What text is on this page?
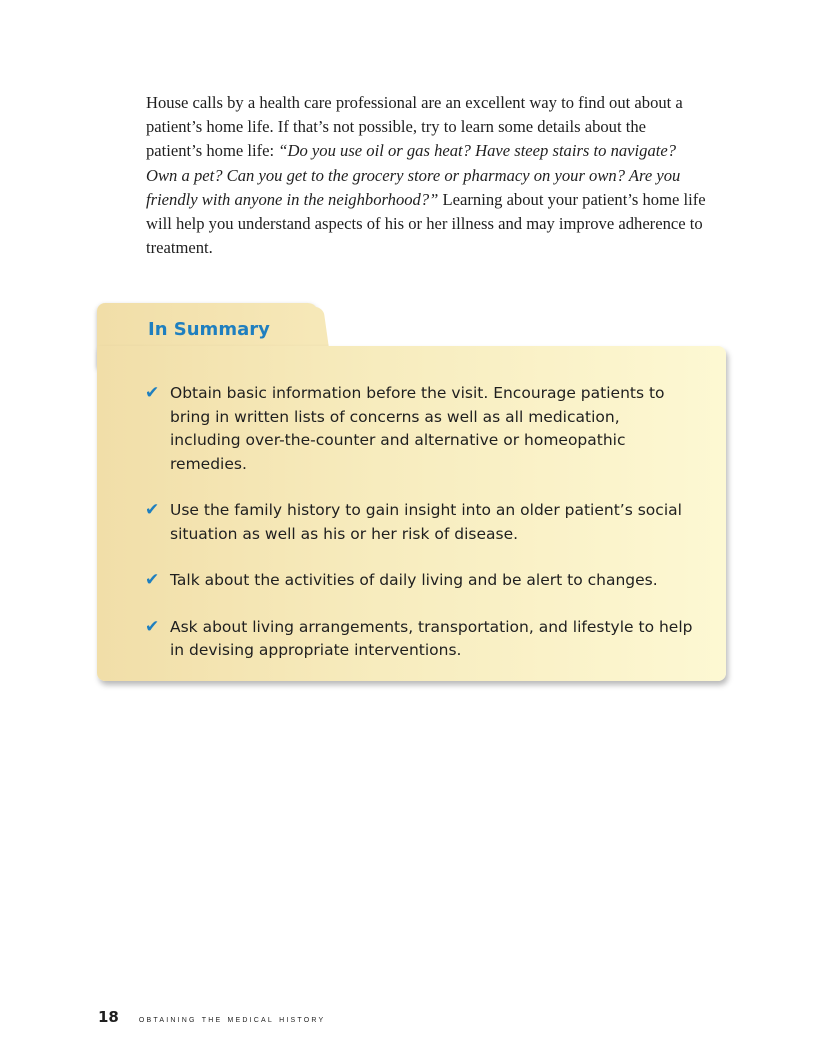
House calls by a health care professional are an excellent way to find out about a patient’s home life. If that’s not possible, try to learn some details about the patient’s home life: “Do you use oil or gas heat? Have steep stairs to navigate? Own a pet? Can you get to the grocery store or pharmacy on your own? Are you friendly with anyone in the neighborhood?” Learning about your patient’s home life will help you understand aspects of his or her illness and may improve adherence to treatment.

In Summary
✔ Obtain basic information before the visit. Encourage patients to bring in written lists of concerns as well as all medication, including over-the-counter and alternative or homeopathic remedies.
✔ Use the family history to gain insight into an older patient’s social situation as well as his or her risk of disease.
✔ Talk about the activities of daily living and be alert to changes.
✔ Ask about living arrangements, transportation, and lifestyle to help in devising appropriate interventions.
18 obtaining the medical history
